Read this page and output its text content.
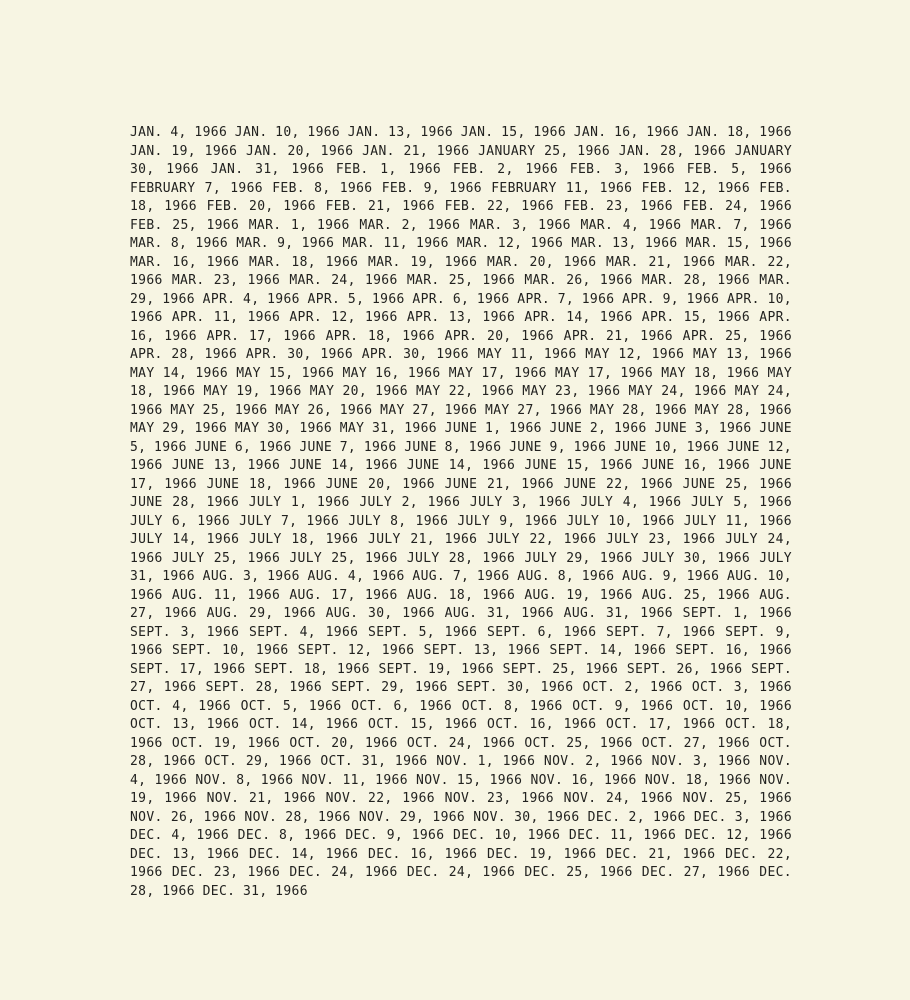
JAN. 4, 1966 JAN. 10, 1966 JAN. 13, 1966 JAN. 15, 1966 JAN. 16, 1966 JAN. 18, 1966 JAN. 19, 1966 JAN. 20, 1966 JAN. 21, 1966 JANUARY 25, 1966 JAN. 28, 1966 JANUARY 30, 1966 JAN. 31, 1966 FEB. 1, 1966 FEB. 2, 1966 FEB. 3, 1966 FEB. 5, 1966 FEBRUARY 7, 1966 FEB. 8, 1966 FEB. 9, 1966 FEBRUARY 11, 1966 FEB. 12, 1966 FEB. 18, 1966 FEB. 20, 1966 FEB. 21, 1966 FEB. 22, 1966 FEB. 23, 1966 FEB. 24, 1966 FEB. 25, 1966 MAR. 1, 1966 MAR. 2, 1966 MAR. 3, 1966 MAR. 4, 1966 MAR. 7, 1966 MAR. 8, 1966 MAR. 9, 1966 MAR. 11, 1966 MAR. 12, 1966 MAR. 13, 1966 MAR. 15, 1966 MAR. 16, 1966 MAR. 18, 1966 MAR. 19, 1966 MAR. 20, 1966 MAR. 21, 1966 MAR. 22, 1966 MAR. 23, 1966 MAR. 24, 1966 MAR. 25, 1966 MAR. 26, 1966 MAR. 28, 1966 MAR. 29, 1966 APR. 4, 1966 APR. 5, 1966 APR. 6, 1966 APR. 7, 1966 APR. 9, 1966 APR. 10, 1966 APR. 11, 1966 APR. 12, 1966 APR. 13, 1966 APR. 14, 1966 APR. 15, 1966 APR. 16, 1966 APR. 17, 1966 APR. 18, 1966 APR. 20, 1966 APR. 21, 1966 APR. 25, 1966 APR. 28, 1966 APR. 30, 1966 APR. 30, 1966 MAY 11, 1966 MAY 12, 1966 MAY 13, 1966 MAY 14, 1966 MAY 15, 1966 MAY 16, 1966 MAY 17, 1966 MAY 17, 1966 MAY 18, 1966 MAY 18, 1966 MAY 19, 1966 MAY 20, 1966 MAY 22, 1966 MAY 23, 1966 MAY 24, 1966 MAY 24, 1966 MAY 25, 1966 MAY 26, 1966 MAY 27, 1966 MAY 27, 1966 MAY 28, 1966 MAY 28, 1966 MAY 29, 1966 MAY 30, 1966 MAY 31, 1966 JUNE 1, 1966 JUNE 2, 1966 JUNE 3, 1966 JUNE 5, 1966 JUNE 6, 1966 JUNE 7, 1966 JUNE 8, 1966 JUNE 9, 1966 JUNE 10, 1966 JUNE 12, 1966 JUNE 13, 1966 JUNE 14, 1966 JUNE 14, 1966 JUNE 15, 1966 JUNE 16, 1966 JUNE 17, 1966 JUNE 18, 1966 JUNE 20, 1966 JUNE 21, 1966 JUNE 22, 1966 JUNE 25, 1966 JUNE 28, 1966 JULY 1, 1966 JULY 2, 1966 JULY 3, 1966 JULY 4, 1966 JULY 5, 1966 JULY 6, 1966 JULY 7, 1966 JULY 8, 1966 JULY 9, 1966 JULY 10, 1966 JULY 11, 1966 JULY 14, 1966 JULY 18, 1966 JULY 21, 1966 JULY 22, 1966 JULY 23, 1966 JULY 24, 1966 JULY 25, 1966 JULY 25, 1966 JULY 28, 1966 JULY 29, 1966 JULY 30, 1966 JULY 31, 1966 AUG. 3, 1966 AUG. 4, 1966 AUG. 7, 1966 AUG. 8, 1966 AUG. 9, 1966 AUG. 10, 1966 AUG. 11, 1966 AUG. 17, 1966 AUG. 18, 1966 AUG. 19, 1966 AUG. 25, 1966 AUG. 27, 1966 AUG. 29, 1966 AUG. 30, 1966 AUG. 31, 1966 AUG. 31, 1966 SEPT. 1, 1966 SEPT. 3, 1966 SEPT. 4, 1966 SEPT. 5, 1966 SEPT. 6, 1966 SEPT. 7, 1966 SEPT. 9, 1966 SEPT. 10, 1966 SEPT. 12, 1966 SEPT. 13, 1966 SEPT. 14, 1966 SEPT. 16, 1966 SEPT. 17, 1966 SEPT. 18, 1966 SEPT. 19, 1966 SEPT. 25, 1966 SEPT. 26, 1966 SEPT. 27, 1966 SEPT. 28, 1966 SEPT. 29, 1966 SEPT. 30, 1966 OCT. 2, 1966 OCT. 3, 1966 OCT. 4, 1966 OCT. 5, 1966 OCT. 6, 1966 OCT. 8, 1966 OCT. 9, 1966 OCT. 10, 1966 OCT. 13, 1966 OCT. 14, 1966 OCT. 15, 1966 OCT. 16, 1966 OCT. 17, 1966 OCT. 18, 1966 OCT. 19, 1966 OCT. 20, 1966 OCT. 24, 1966 OCT. 25, 1966 OCT. 27, 1966 OCT. 28, 1966 OCT. 29, 1966 OCT. 31, 1966 NOV. 1, 1966 NOV. 2, 1966 NOV. 3, 1966 NOV. 4, 1966 NOV. 8, 1966 NOV. 11, 1966 NOV. 15, 1966 NOV. 16, 1966 NOV. 18, 1966 NOV. 19, 1966 NOV. 21, 1966 NOV. 22, 1966 NOV. 23, 1966 NOV. 24, 1966 NOV. 25, 1966 NOV. 26, 1966 NOV. 28, 1966 NOV. 29, 1966 NOV. 30, 1966 DEC. 2, 1966 DEC. 3, 1966 DEC. 4, 1966 DEC. 8, 1966 DEC. 9, 1966 DEC. 10, 1966 DEC. 11, 1966 DEC. 12, 1966 DEC. 13, 1966 DEC. 14, 1966 DEC. 16, 1966 DEC. 19, 1966 DEC. 21, 1966 DEC. 22, 1966 DEC. 23, 1966 DEC. 24, 1966 DEC. 24, 1966 DEC. 25, 1966 DEC. 27, 1966 DEC. 28, 1966 DEC. 31, 1966
